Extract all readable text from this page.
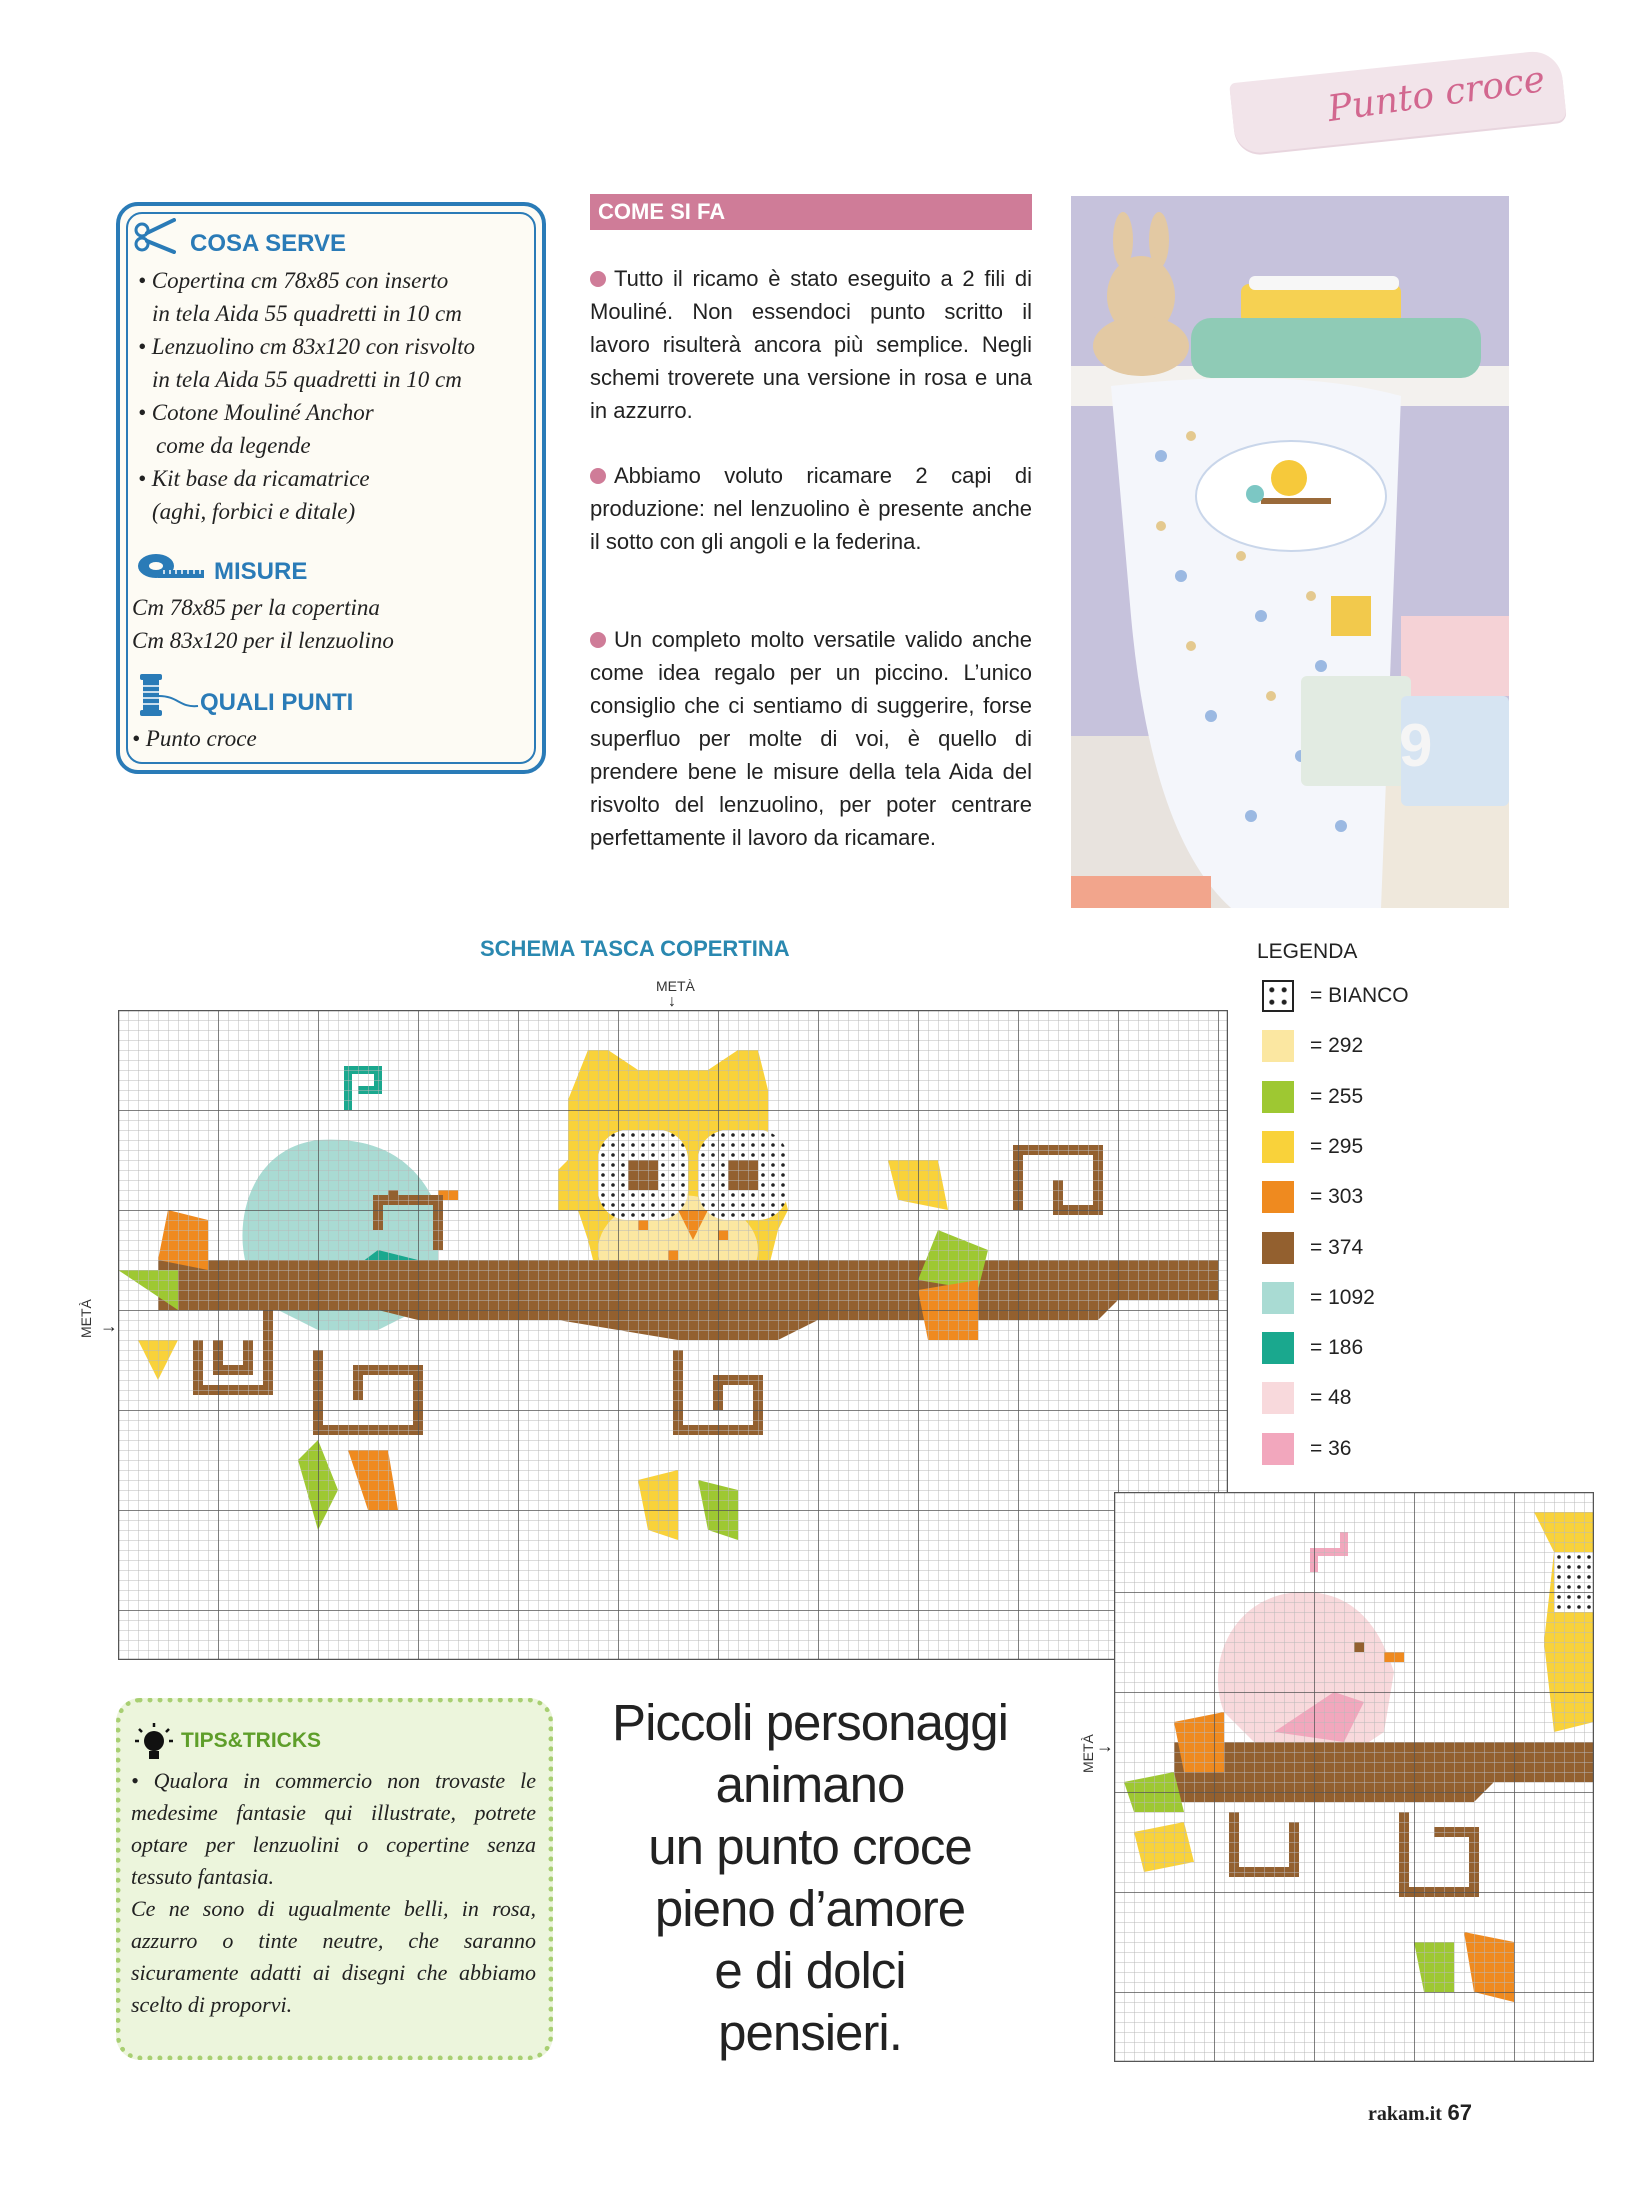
Punto croce
COSA SERVE
• Copertina cm 78x85 con inserto
in tela Aida 55 quadretti in 10 cm
• Lenzuolino cm 83x120 con risvolto
in tela Aida 55 quadretti in 10 cm
• Cotone Mouliné Anchor
come da legende
• Kit base da ricamatrice
(aghi, forbici e ditale)
MISURE
Cm 78x85 per la copertina
Cm 83x120 per il lenzuolino
QUALI PUNTI
• Punto croce
COME SI FA
Tutto il ricamo è stato eseguito a 2 fili di Mouliné. Non essendoci punto scritto il lavoro risulterà ancora più semplice. Negli schemi troverete una versione in rosa e una in azzurro.
Abbiamo voluto ricamare 2 capi di produzione: nel lenzuolino è presente anche il sotto con gli angoli e la federina.
Un completo molto versatile valido anche come idea regalo per un piccino. L’unico consiglio che ci sentiamo di suggerire, forse superfluo per molte di voi, è quello di prendere bene le misure della tela Aida del risvolto del lenzuolino, per poter centrare perfettamente il lavoro da ricamare.
9
SCHEMA TASCA COPERTINA
METÀ
↓
METÀ →
METÀ →
LEGENDA
= BIANCO
= 292
= 255
= 295
= 303
= 374
= 1092
= 186
= 48
= 36
TIPS&TRICKS
• Qualora in commercio non trovaste le medesime fantasie qui illustrate, potrete optare per lenzuolini o copertine senza tessuto fantasia.
Ce ne sono di ugualmente belli, in rosa, azzurro o tinte neutre, che saranno sicuramente adatti ai disegni che abbiamo scelto di proporvi.
Piccoli personaggi
animano
un punto croce
pieno d’amore
e di dolci
pensieri.
rakam.it 67
